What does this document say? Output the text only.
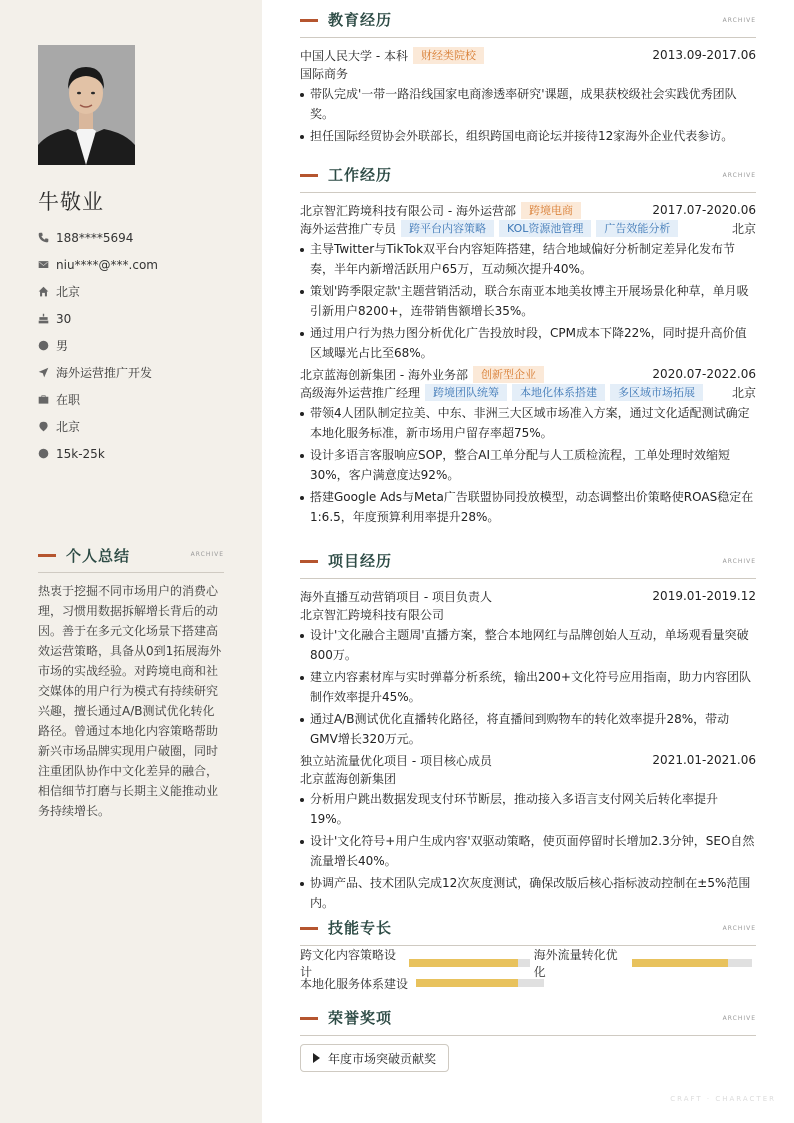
牛敬业
188****5694
niu****@***.com
北京
30
男
海外运营推广开发
在职
北京
15k-25k
个人总结	ARCHIVE
热衷于挖掘不同市场用户的消费心理，习惯用数据拆解增长背后的动因。善于在多元文化场景下搭建高效运营策略，具备从0到1拓展海外市场的实战经验。对跨境电商和社交媒体的用户行为模式有持续研究兴趣，擅长通过A/B测试优化转化路径。曾通过本地化内容策略帮助新兴市场品牌实现用户破圈，同时注重团队协作中文化差异的融合，相信细节打磨与长期主义能推动业务持续增长。
教育经历	ARCHIVE
中国人民大学 - 本科	财经类院校	2013.09-2017.06
国际商务
带队完成'一带一路沿线国家电商渗透率研究'课题，成果获校级社会实践优秀团队奖。
担任国际经贸协会外联部长，组织跨国电商论坛并接待12家海外企业代表参访。
工作经历	ARCHIVE
北京智汇跨境科技有限公司 - 海外运营部	跨境电商	2017.07-2020.06
海外运营推广专员	跨平台内容策略	KOL资源池管理	广告效能分析	北京
主导Twitter与TikTok双平台内容矩阵搭建，结合地域偏好分析制定差异化发布节奏，半年内新增活跃用户65万，互动频次提升40%。
策划'跨季限定款'主题营销活动，联合东南亚本地美妆博主开展场景化种草，单月吸引新用户8200+，连带销售额增长35%。
通过用户行为热力图分析优化广告投放时段，CPM成本下降22%，同时提升高价值区域曝光占比至68%。
北京蓝海创新集团 - 海外业务部	创新型企业	2020.07-2022.06
高级海外运营推广经理	跨境团队统筹	本地化体系搭建	多区域市场拓展	北京
带领4人团队制定拉美、中东、非洲三大区域市场准入方案，通过文化适配测试确定本地化服务标准，新市场用户留存率超75%。
设计多语言客服响应SOP，整合AI工单分配与人工质检流程，工单处理时效缩短30%，客户满意度达92%。
搭建Google Ads与Meta广告联盟协同投放模型，动态调整出价策略使ROAS稳定在1:6.5，年度预算利用率提升28%。
项目经历	ARCHIVE
海外直播互动营销项目 - 项目负责人	2019.01-2019.12
北京智汇跨境科技有限公司
设计'文化融合主题周'直播方案，整合本地网红与品牌创始人互动，单场观看量突破800万。
建立内容素材库与实时弹幕分析系统，输出200+文化符号应用指南，助力内容团队制作效率提升45%。
通过A/B测试优化直播转化路径，将直播间到购物车的转化效率提升28%，带动GMV增长320万元。
独立站流量优化项目 - 项目核心成员	2021.01-2021.06
北京蓝海创新集团
分析用户跳出数据发现支付环节断层，推动接入多语言支付网关后转化率提升19%。
设计'文化符号+用户生成内容'双驱动策略，使页面停留时长增加2.3分钟，SEO自然流量增长40%。
协调产品、技术团队完成12次灰度测试，确保改版后核心指标波动控制在±5%范围内。
技能专长	ARCHIVE
跨文化内容策略设计
海外流量转化优化
本地化服务体系建设
荣誉奖项	ARCHIVE
年度市场突破贡献奖
CRAFT · CHARACTER
